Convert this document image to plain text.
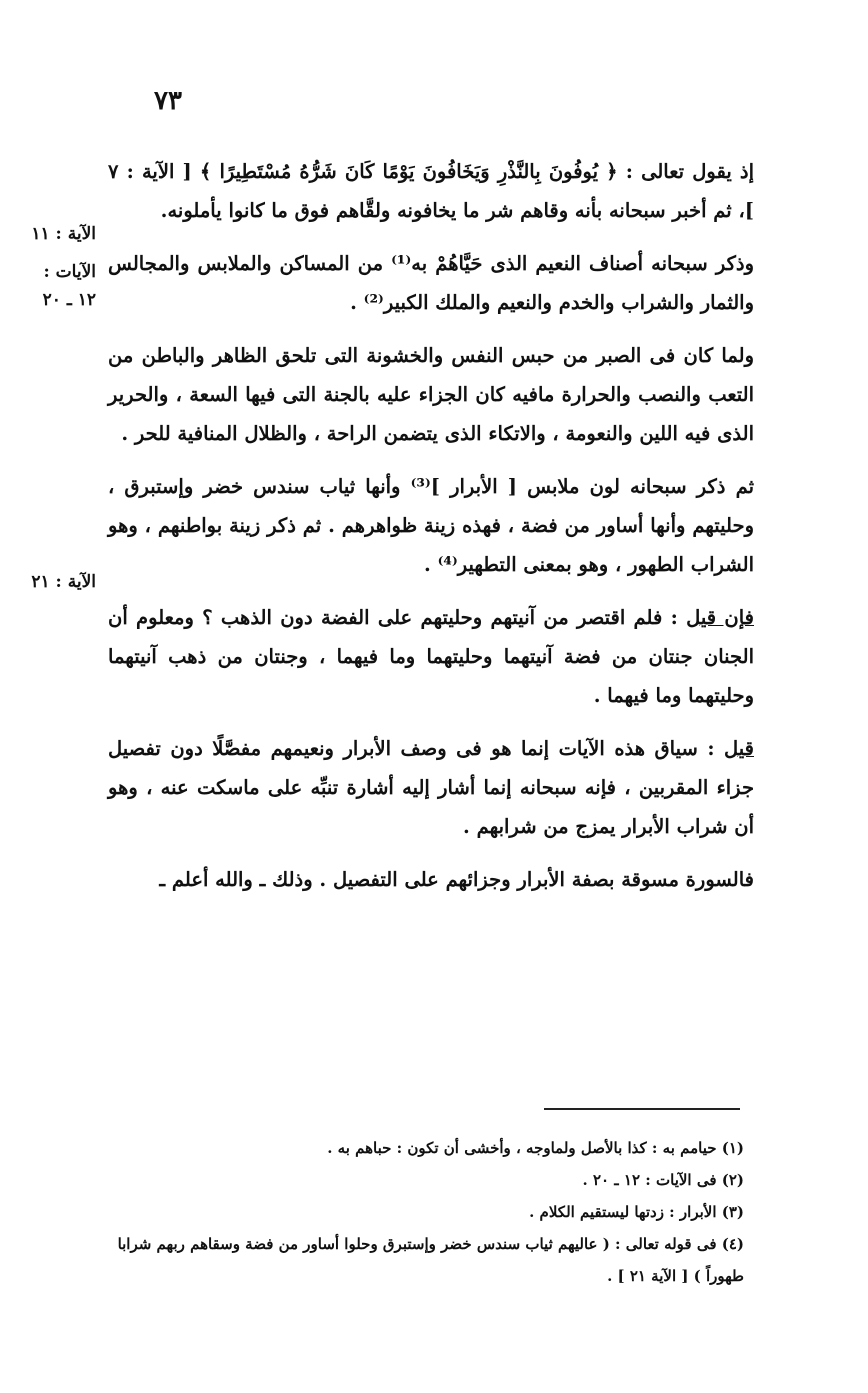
٧٣
الآية : ١١
الآيات :
١٢ ـ ٢٠
الآية : ٢١

إذ يقول تعالى : ﴿ يُوفُونَ بِالنَّذْرِ وَيَخَافُونَ يَوْمًا كَانَ شَرُّهُ مُسْتَطِيرًا ﴾ [ الآية : ٧ ]، ثم أخبر سبحانه بأنه وقاهم شر ما يخافونه ولقَّاهم فوق ما كانوا يأملونه.

وذكر سبحانه أصناف النعيم الذى حَيَّاهُمْ به⁽¹⁾ من المساكن والملابس والمجالس والثمار والشراب والخدم والنعيم والملك الكبير⁽²⁾ .

ولما كان فى الصبر من حبس النفس والخشونة التى تلحق الظاهر والباطن من التعب والنصب والحرارة مافيه كان الجزاء عليه بالجنة التى فيها السعة ، والحرير الذى فيه اللين والنعومة ، والاتكاء الذى يتضمن الراحة ، والظلال المنافية للحر .

ثم ذكر سبحانه لون ملابس [ الأبرار ]⁽³⁾ وأنها ثياب سندس خضر وإستبرق ، وحليتهم وأنها أساور من فضة ، فهذه زينة ظواهرهم . ثم ذكر زينة بواطنهم ، وهو الشراب الطهور ، وهو بمعنى التطهير⁽⁴⁾ .

فإن قيل : فلم اقتصر من آنيتهم وحليتهم على الفضة دون الذهب ؟ ومعلوم أن الجنان جنتان من فضة آنيتهما وحليتهما وما فيهما ، وجنتان من ذهب آنيتهما وحليتهما وما فيهما .

قيل : سياق هذه الآيات إنما هو فى وصف الأبرار ونعيمهم مفصَّلًا دون تفصيل جزاء المقربين ، فإنه سبحانه إنما أشار إليه أشارة تنبِّه على ماسكت عنه ، وهو أن شراب الأبرار يمزج من شرابهم .

فالسورة مسوقة بصفة الأبرار وجزائهم على التفصيل . وذلك ـ والله أعلم ـ

(١) حيامم به : كذا بالأصل ولماوجه ، وأخشى أن تكون : حباهم به .
(٢) فى الآيات : ١٢ ـ ٢٠ .
(٣) الأبرار : زدتها ليستقيم الكلام .
(٤) فى قوله تعالى : ( عاليهم ثياب سندس خضر وإستبرق وحلوا أساور من فضة وسقاهم ربهم شرابا طهوراً ) [ الآية ٢١ ] .
